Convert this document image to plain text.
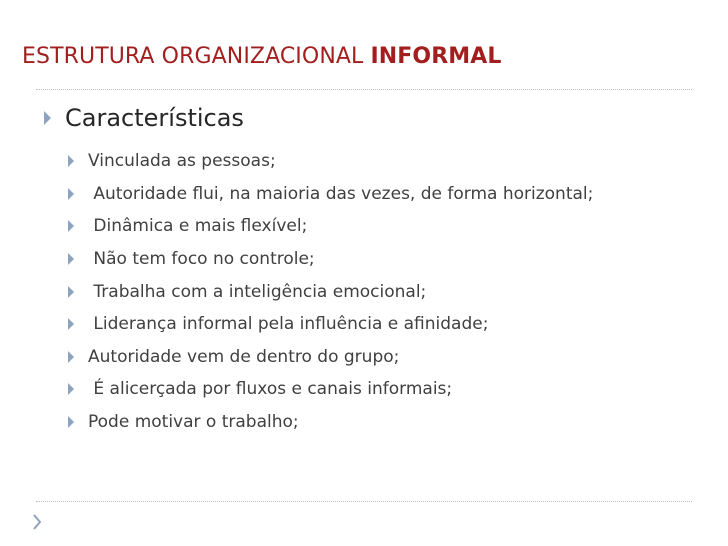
ESTRUTURA ORGANIZACIONAL INFORMAL
Características
Vinculada as pessoas;
Autoridade flui, na maioria das vezes, de forma horizontal;
Dinâmica e mais flexível;
Não tem foco no controle;
Trabalha com a inteligência emocional;
Liderança informal pela influência e afinidade;
Autoridade vem de dentro do grupo;
É alicerçada por fluxos e canais informais;
Pode motivar o trabalho;
